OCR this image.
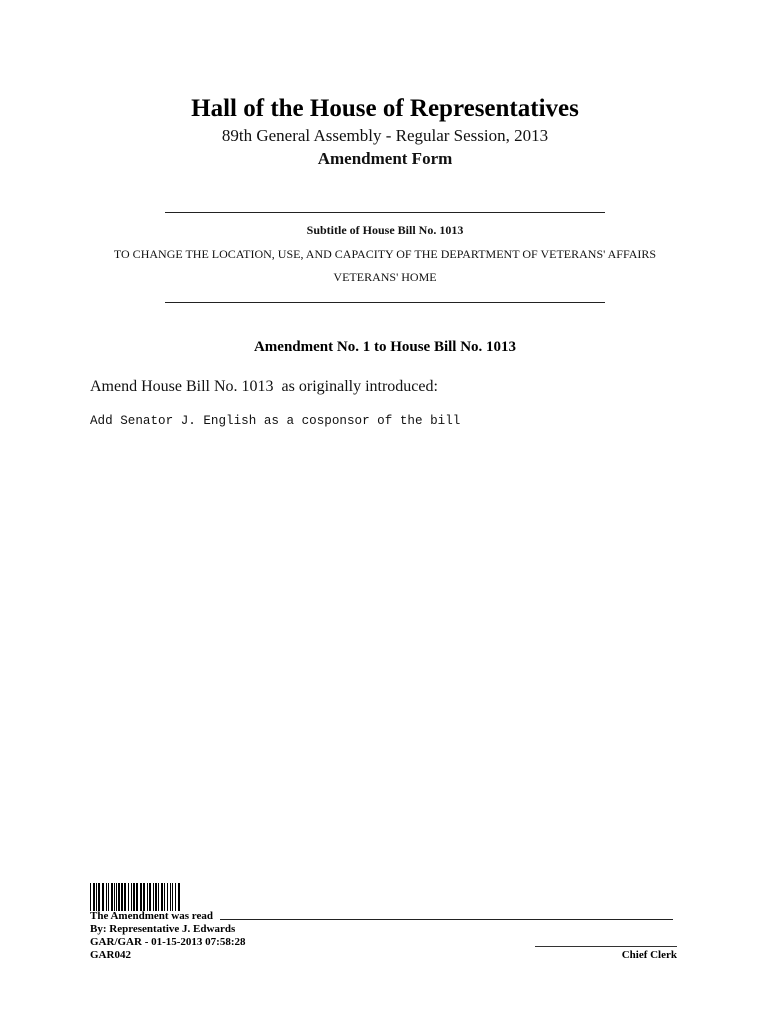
Hall of the House of Representatives
89th General Assembly - Regular Session, 2013
Amendment Form
Subtitle of House Bill No. 1013
TO CHANGE THE LOCATION, USE, AND CAPACITY OF THE DEPARTMENT OF VETERANS' AFFAIRS
VETERANS' HOME
Amendment No. 1 to House Bill No. 1013
Amend House Bill No. 1013  as originally introduced:
Add Senator J. English as a cosponsor of the bill
The Amendment was read
By: Representative J. Edwards
GAR/GAR - 01-15-2013 07:58:28
GAR042	Chief Clerk
